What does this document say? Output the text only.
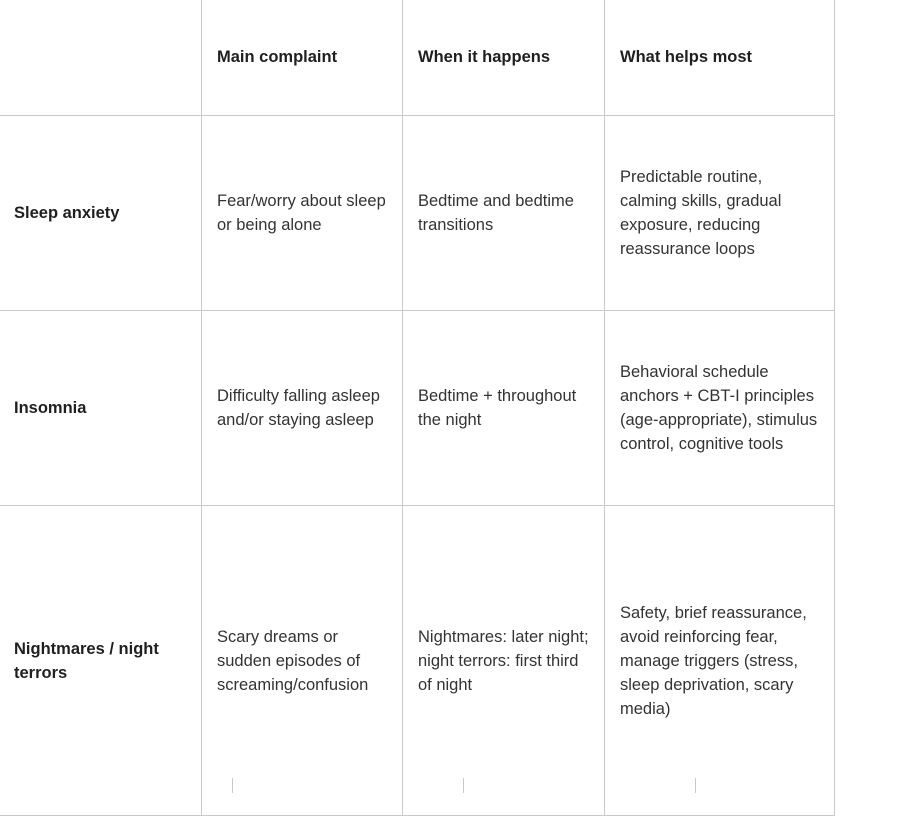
	Main complaint	When it happens	What helps most
Sleep anxiety	Fear/worry about sleep or being alone	Bedtime and bedtime transitions	Predictable routine, calming skills, gradual exposure, reducing reassurance loops
Insomnia	Difficulty falling asleep and/or staying asleep	Bedtime + throughout the night	Behavioral schedule anchors + CBT-I principles (age-appropriate), stimulus control, cognitive tools
Nightmares / night terrors	Scary dreams or sudden episodes of screaming/confusion	Nightmares: later night; night terrors: first third of night	Safety, brief reassurance, avoid reinforcing fear, manage triggers (stress, sleep deprivation, scary media)
